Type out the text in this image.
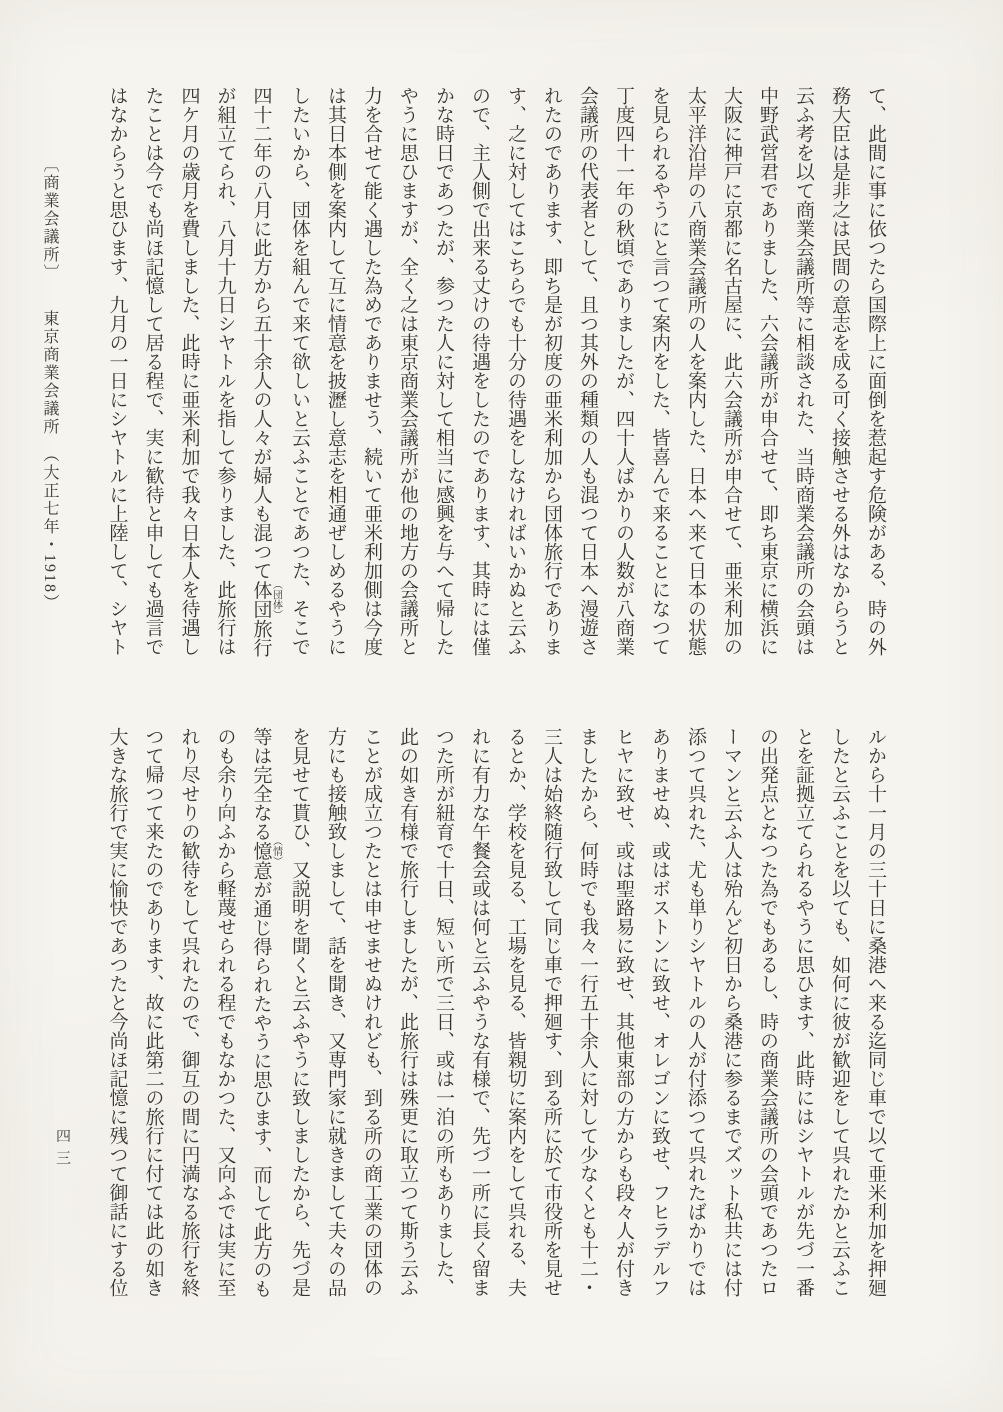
て、此間に事に依つたら国際上に面倒を惹起す危険がある、時の外
務大臣は是非之は民間の意志を成る可く接触させる外はなからうと
云ふ考を以て商業会議所等に相談された、当時商業会議所の会頭は
中野武営君でありました、六会議所が申合せて、即ち東京に横浜に
大阪に神戸に京都に名古屋に、此六会議所が申合せて、亜米利加の
太平洋沿岸の八商業会議所の人を案内した、日本へ来て日本の状態
を見られるやうにと言つて案内をした、皆喜んで来ることになつて
丁度四十一年の秋頃でありましたが、四十人ばかりの人数が八商業
会議所の代表者として、且つ其外の種類の人も混つて日本へ漫遊さ
れたのであります、即ち是が初度の亜米利加から団体旅行でありま
す、之に対してはこちらでも十分の待遇をしなければいかぬと云ふ
ので、主人側で出来る丈けの待遇をしたのであります、其時には僅
かな時日であつたが、参つた人に対して相当に感興を与へて帰した
やうに思ひますが、全く之は東京商業会議所が他の地方の会議所と
力を合せて能く遇した為めでありませう、続いて亜米利加側は今度
は其日本側を案内して互に情意を披瀝し意志を相通ぜしめるやうに
したいから、団体を組んで来て欲しいと云ふことであつた、そこで
四十二年の八月に此方から五十余人の人々が婦人も混つて体団 （団体）旅行
が組立てられ、八月十九日シヤトルを指して参りました、此旅行は
四ケ月の歳月を費しました、此時に亜米利加で我々日本人を待遇し
たことは今でも尚ほ記憶して居る程で、実に歓待と申しても過言で
はなからうと思ひます、九月の一日にシヤトルに上陸して、シヤト
〔商業会議所〕　　東京商業会議所　（大正七年・1918）
ルから十一月の三十日に桑港へ来る迄同じ車で以て亜米利加を押廻
したと云ふことを以ても、如何に彼が歓迎をして呉れたかと云ふこ
とを証拠立てられるやうに思ひます、此時にはシヤトルが先づ一番
の出発点となつた為でもあるし、時の商業会議所の会頭であつたロ
ーマンと云ふ人は殆んど初日から桑港に参るまでズット私共には付
添つて呉れた、尤も単りシヤトルの人が付添つて呉れたばかりでは
ありませぬ、或はボストンに致せ、オレゴンに致せ、フヒラデルフ
ヒヤに致せ、或は聖路易に致せ、其他東部の方からも段々人が付き
ましたから、何時でも我々一行五十余人に対して少なくとも十二・
三人は始終随行致して同じ車で押廻す、到る所に於て市役所を見せ
るとか、学校を見る、工場を見る、皆親切に案内をして呉れる、夫
れに有力な午餐会或は何と云ふやうな有様で、先づ一所に長く留ま
つた所が紐育で十日、短い所で三日、或は一泊の所もありました、
此の如き有様で旅行しましたが、此旅行は殊更に取立つて斯う云ふ
ことが成立つたとは申せませぬけれども、到る所の商工業の団体の
方にも接触致しまして、話を聞き、又専門家に就きまして夫々の品
を見せて貰ひ、又説明を聞くと云ふやうに致しましたから、先づ是
等は完全なる憶 （情）意が通じ得られたやうに思ひます、而して此方のも
のも余り向ふから軽蔑せられる程でもなかつた、又向ふでは実に至
れり尽せりの歓待をして呉れたので、御互の間に円満なる旅行を終
つて帰つて来たのであります、故に此第二の旅行に付ては此の如き
大きな旅行で実に愉快であつたと今尚ほ記憶に残つて御話にする位
四三
